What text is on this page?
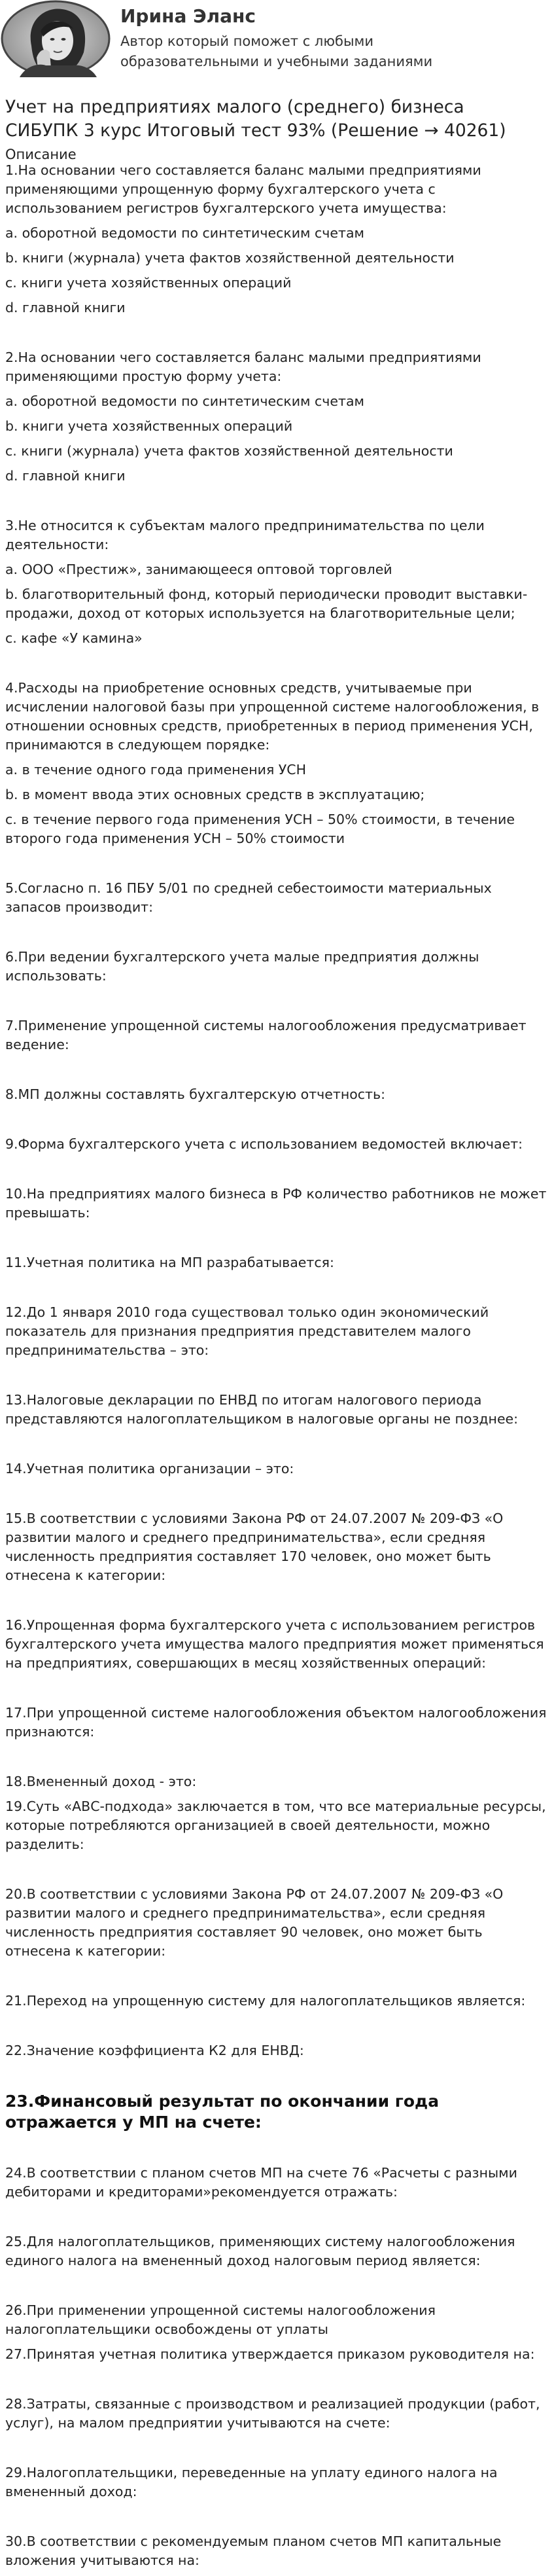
Ирина Эланс
Автор который поможет с любыми образовательными и учебными заданиями
Учет на предприятиях малого (среднего) бизнеса СИБУПК 3 курс Итоговый тест 93% (Решение → 40261)
Описание

1.На основании чего составляется баланс малыми предприятиями применяющими упрощенную форму бухгалтерского учета с использованием регистров бухгалтерского учета имущества:

a. оборотной ведомости по синтетическим счетам

b. книги (журнала) учета фактов хозяйственной деятельности

c. книги учета хозяйственных операций

d. главной книги

2.На основании чего составляется баланс малыми предприятиями применяющими простую форму учета:

a. оборотной ведомости по синтетическим счетам

b. книги учета хозяйственных операций

c. книги (журнала) учета фактов хозяйственной деятельности

d. главной книги

3.Не относится к субъектам малого предпринимательства по цели деятельности:

a. ООО «Престиж», занимающееся оптовой торговлей

b. благотворительный фонд, который периодически проводит выставки-продажи, доход от которых используется на благотворительные цели;

c. кафе «У камина»

4.Расходы на приобретение основных средств, учитываемые при исчислении налоговой базы при упрощенной системе налогообложения, в отношении основных средств, приобретенных в период применения УСН, принимаются в следующем порядке:

a. в течение одного года применения УСН

b. в момент ввода этих основных средств в эксплуатацию;

c. в течение первого года применения УСН – 50% стоимости, в течение второго года применения УСН – 50% стоимости

5.Согласно п. 16 ПБУ 5/01 по средней себестоимости материальных запасов производит:

6.При ведении бухгалтерского учета малые предприятия должны использовать:

7.Применение упрощенной системы налогообложения предусматривает ведение:

8.МП должны составлять бухгалтерскую отчетность:

9.Форма бухгалтерского учета с использованием ведомостей включает:

10.На предприятиях малого бизнеса в РФ количество работников не может превышать:

11.Учетная политика на МП разрабатывается:

12.До 1 января 2010 года существовал только один экономический показатель для признания предприятия представителем малого предпринимательства – это:

13.Налоговые декларации по ЕНВД по итогам налогового периода представляются налогоплательщиком в налоговые органы не позднее:

14.Учетная политика организации – это:

15.В соответствии с условиями Закона РФ от 24.07.2007 № 209-ФЗ «О развитии малого и среднего предпринимательства», если средняя численность предприятия составляет 170 человек, оно может быть отнесена к категории:

16.Упрощенная форма бухгалтерского учета с использованием регистров бухгалтерского учета имущества малого предприятия может применяться на предприятиях, совершающих в месяц хозяйственных операций:

17.При упрощенной системе налогообложения объектом налогообложения признаются:

18.Вмененный доход - это:

19.Суть «АВС-подхода» заключается в том, что все материальные ресурсы, которые потребляются организацией в своей деятельности, можно разделить:

20.В соответствии с условиями Закона РФ от 24.07.2007 № 209-ФЗ «О развитии малого и среднего предпринимательства», если средняя численность предприятия составляет 90 человек, оно может быть отнесена к категории:

21.Переход на упрощенную систему для налогоплательщиков является:

22.Значение коэффициента К2 для ЕНВД:

23.Финансовый результат по окончании года отражается у МП на счете:

24.В соответствии с планом счетов МП на счете 76 «Расчеты с разными дебиторами и кредиторами»рекомендуется отражать:

25.Для налогоплательщиков, применяющих систему налогообложения единого налога на вмененный доход налоговым период является:

26.При применении упрощенной системы налогообложения налогоплательщики освобождены от уплаты

27.Принятая учетная политика утверждается приказом руководителя на:

28.Затраты, связанные с производством и реализацией продукции (работ, услуг), на малом предприятии учитываются на счете:

29.Налогоплательщики, переведенные на уплату единого налога на вмененный доход:

30.В соответствии с рекомендуемым планом счетов МП капитальные вложения учитываются на:
